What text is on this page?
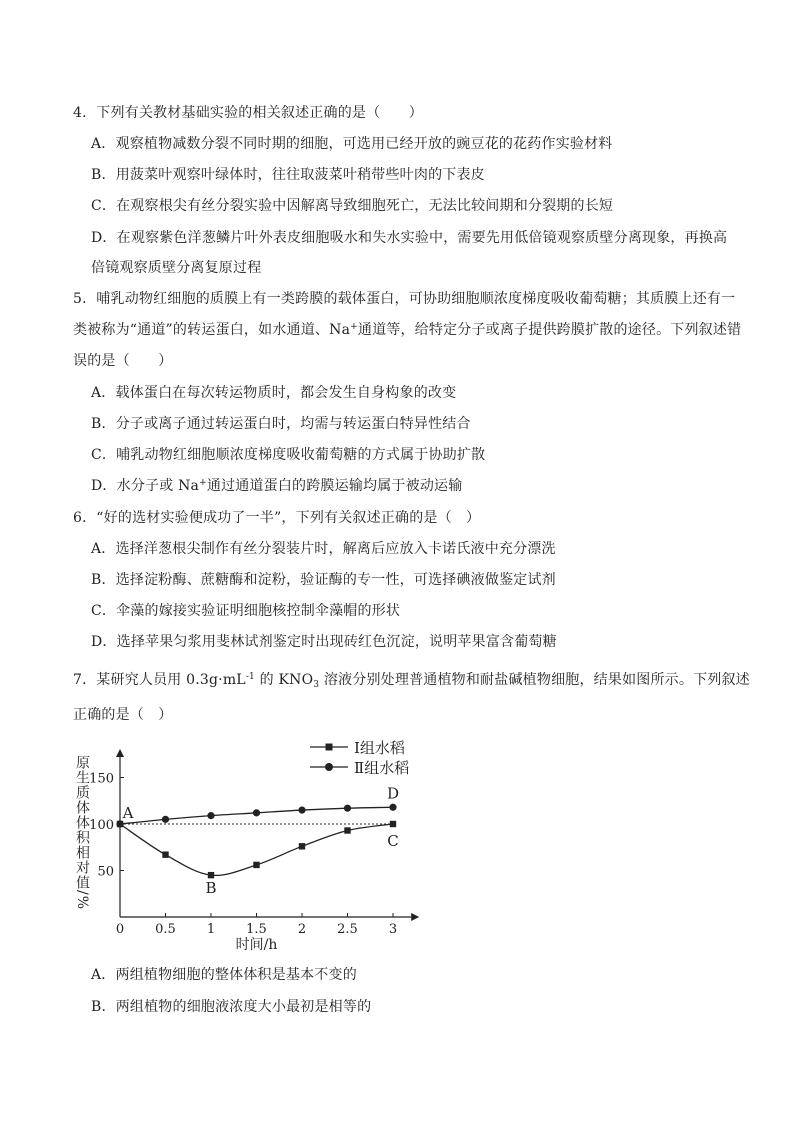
4．下列有关教材基础实验的相关叙述正确的是（　　）
A．观察植物减数分裂不同时期的细胞，可选用已经开放的豌豆花的花药作实验材料
B．用菠菜叶观察叶绿体时，往往取菠菜叶稍带些叶肉的下表皮
C．在观察根尖有丝分裂实验中因解离导致细胞死亡，无法比较间期和分裂期的长短
D．在观察紫色洋葱鳞片叶外表皮细胞吸水和失水实验中，需要先用低倍镜观察质壁分离现象，再换高
倍镜观察质壁分离复原过程
5．哺乳动物红细胞的质膜上有一类跨膜的载体蛋白，可协助细胞顺浓度梯度吸收葡萄糖；其质膜上还有一
类被称为“通道”的转运蛋白，如水通道、Na+通道等，给特定分子或离子提供跨膜扩散的途径。下列叙述错
误的是（　　）
A．载体蛋白在每次转运物质时，都会发生自身构象的改变
B．分子或离子通过转运蛋白时，均需与转运蛋白特异性结合
C．哺乳动物红细胞顺浓度梯度吸收葡萄糖的方式属于协助扩散
D．水分子或 Na+通过通道蛋白的跨膜运输均属于被动运输
6．“好的选材实验便成功了一半”，下列有关叙述正确的是（　）
A．选择洋葱根尖制作有丝分裂装片时，解离后应放入卡诺氏液中充分漂洗
B．选择淀粉酶、蔗糖酶和淀粉，验证酶的专一性，可选择碘液做鉴定试剂
C．伞藻的嫁接实验证明细胞核控制伞藻帽的形状
D．选择苹果匀浆用斐林试剂鉴定时出现砖红色沉淀，说明苹果富含葡萄糖
7．某研究人员用 $0.3g\cdot mL^{-1}$ 的 $KNO_3$ 溶液分别处理普通植物和耐盐碱植物细胞，结果如图所示。下列叙述
正确的是（　）
0 0.5 1 1.5 2 2.5 3
50
100
150
时间/h
原生质体体积相对值/% A
B
C
D
Ⅰ组水稻
Ⅱ组水稻
A．两组植物细胞的整体体积是基本不变的
B．两组植物的细胞液浓度大小最初是相等的
